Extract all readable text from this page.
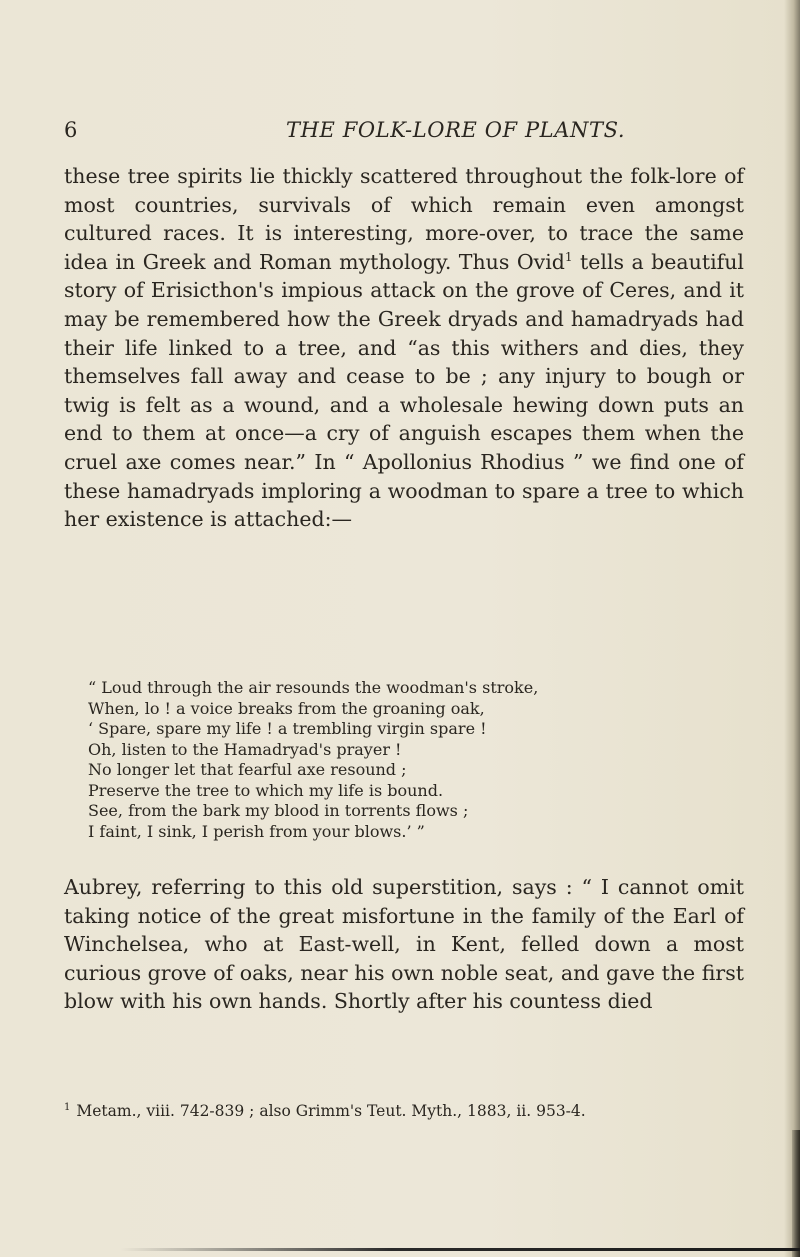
6	THE FOLK-LORE OF PLANTS.

these tree spirits lie thickly scattered throughout the folk-lore of most countries, survivals of which remain even amongst cultured races. It is interesting, more-over, to trace the same idea in Greek and Roman mythology. Thus Ovid$^1$ tells a beautiful story of Erisicthon's impious attack on the grove of Ceres, and it may be remembered how the Greek dryads and hamadryads had their life linked to a tree, and “as this withers and dies, they themselves fall away and cease to be ; any injury to bough or twig is felt as a wound, and a wholesale hewing down puts an end to them at once—a cry of anguish escapes them when the cruel axe comes near.” In “ Apollonius Rhodius ” we find one of these hamadryads imploring a woodman to spare a tree to which her existence is attached:—

“ Loud through the air resounds the woodman's stroke,
When, lo ! a voice breaks from the groaning oak,
‘ Spare, spare my life ! a trembling virgin spare !
Oh, listen to the Hamadryad's prayer !
No longer let that fearful axe resound ;
Preserve the tree to which my life is bound.
See, from the bark my blood in torrents flows ;
I faint, I sink, I perish from your blows.’ ”

Aubrey, referring to this old superstition, says : “ I cannot omit taking notice of the great misfortune in the family of the Earl of Winchelsea, who at East-well, in Kent, felled down a most curious grove of oaks, near his own noble seat, and gave the first blow with his own hands. Shortly after his countess died

$^1$ Metam., viii. 742-839 ; also Grimm's Teut. Myth., 1883, ii. 953-4.
